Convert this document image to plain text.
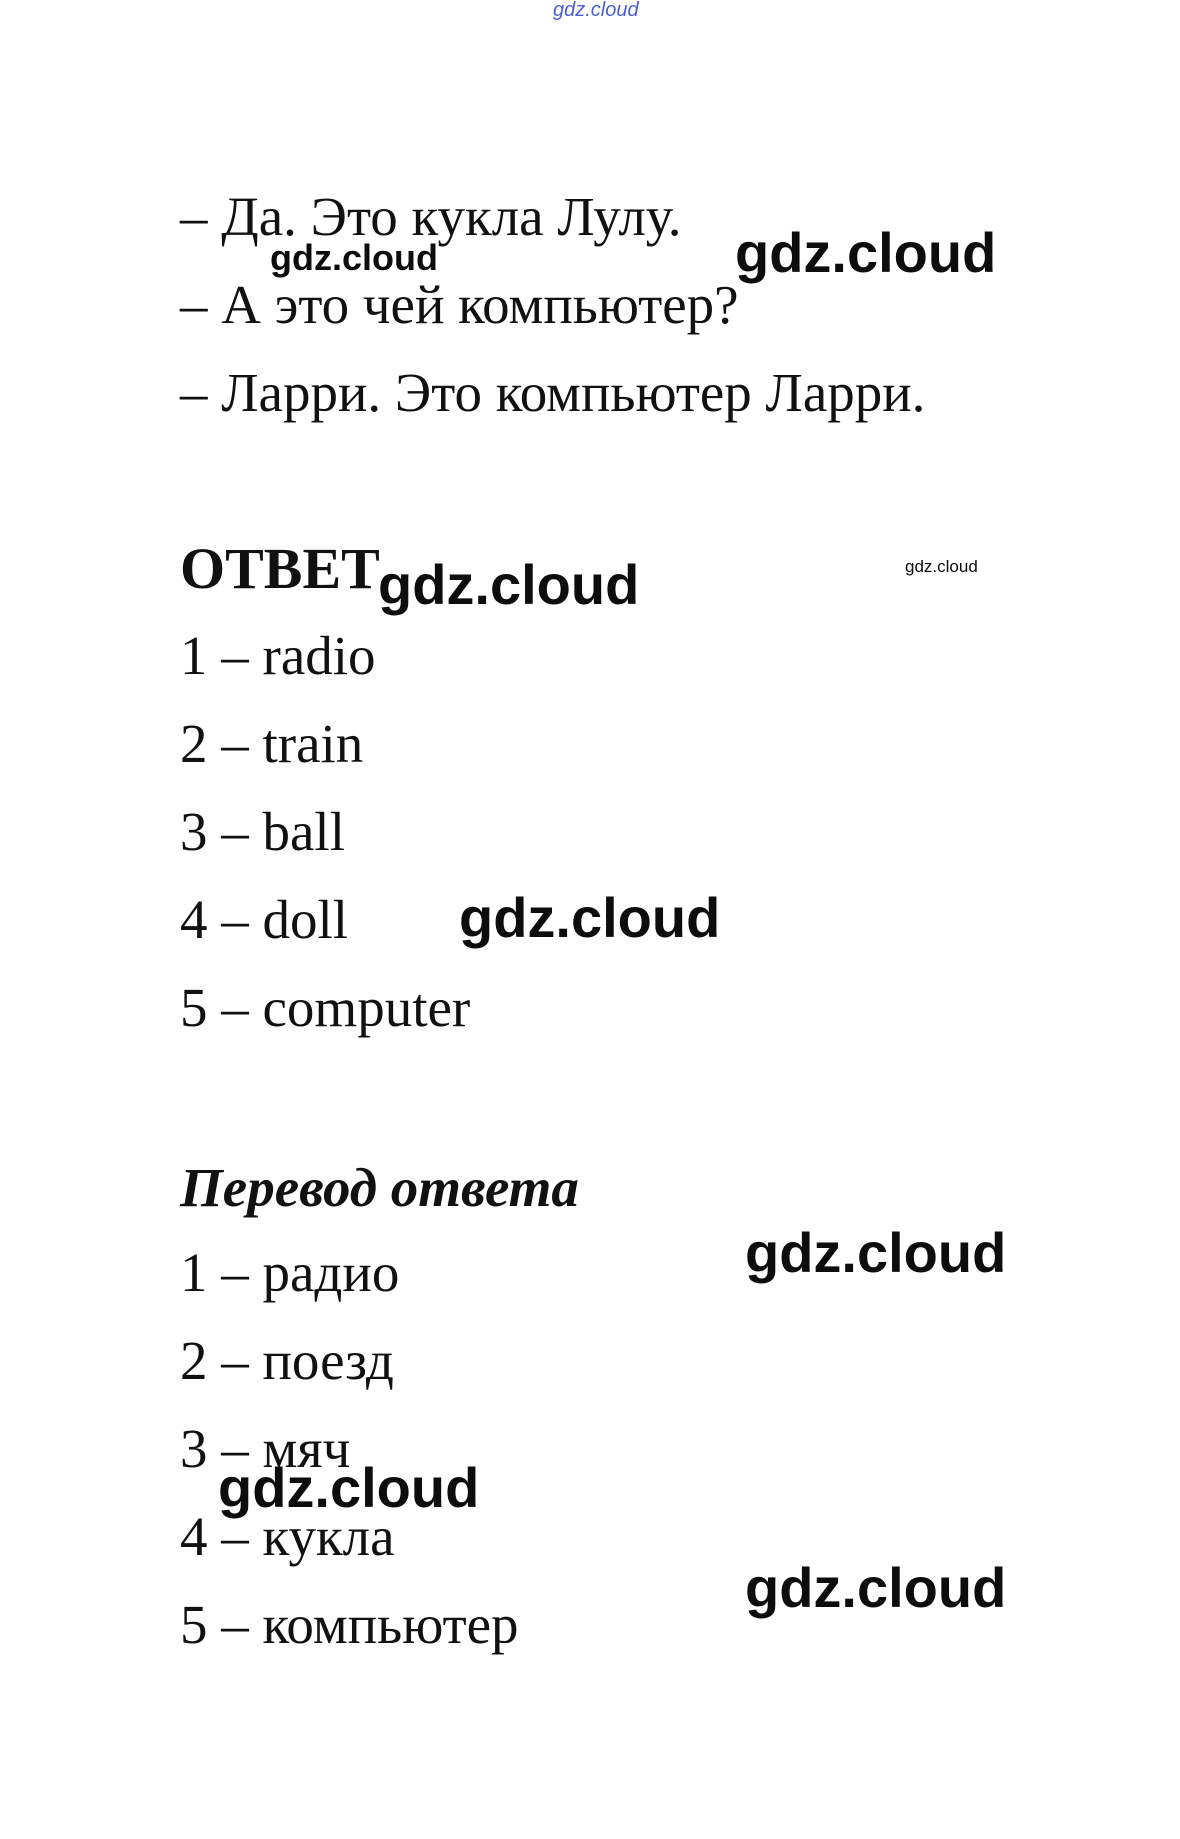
gdz.cloud
– Да. Это кукла Лулу.
– А это чей компьютер?
– Ларри. Это компьютер Ларри.
ОТВЕТ
1 – radio
2 – train
3 – ball
4 – doll
5 – computer
Перевод ответа
1 – радио
2 – поезд
3 – мяч
4 – кукла
5 – компьютер
gdz.cloud	gdz.cloud
gdz.cloud	gdz.cloud
gdz.cloud
gdz.cloud
gdz.cloud
gdz.cloud
